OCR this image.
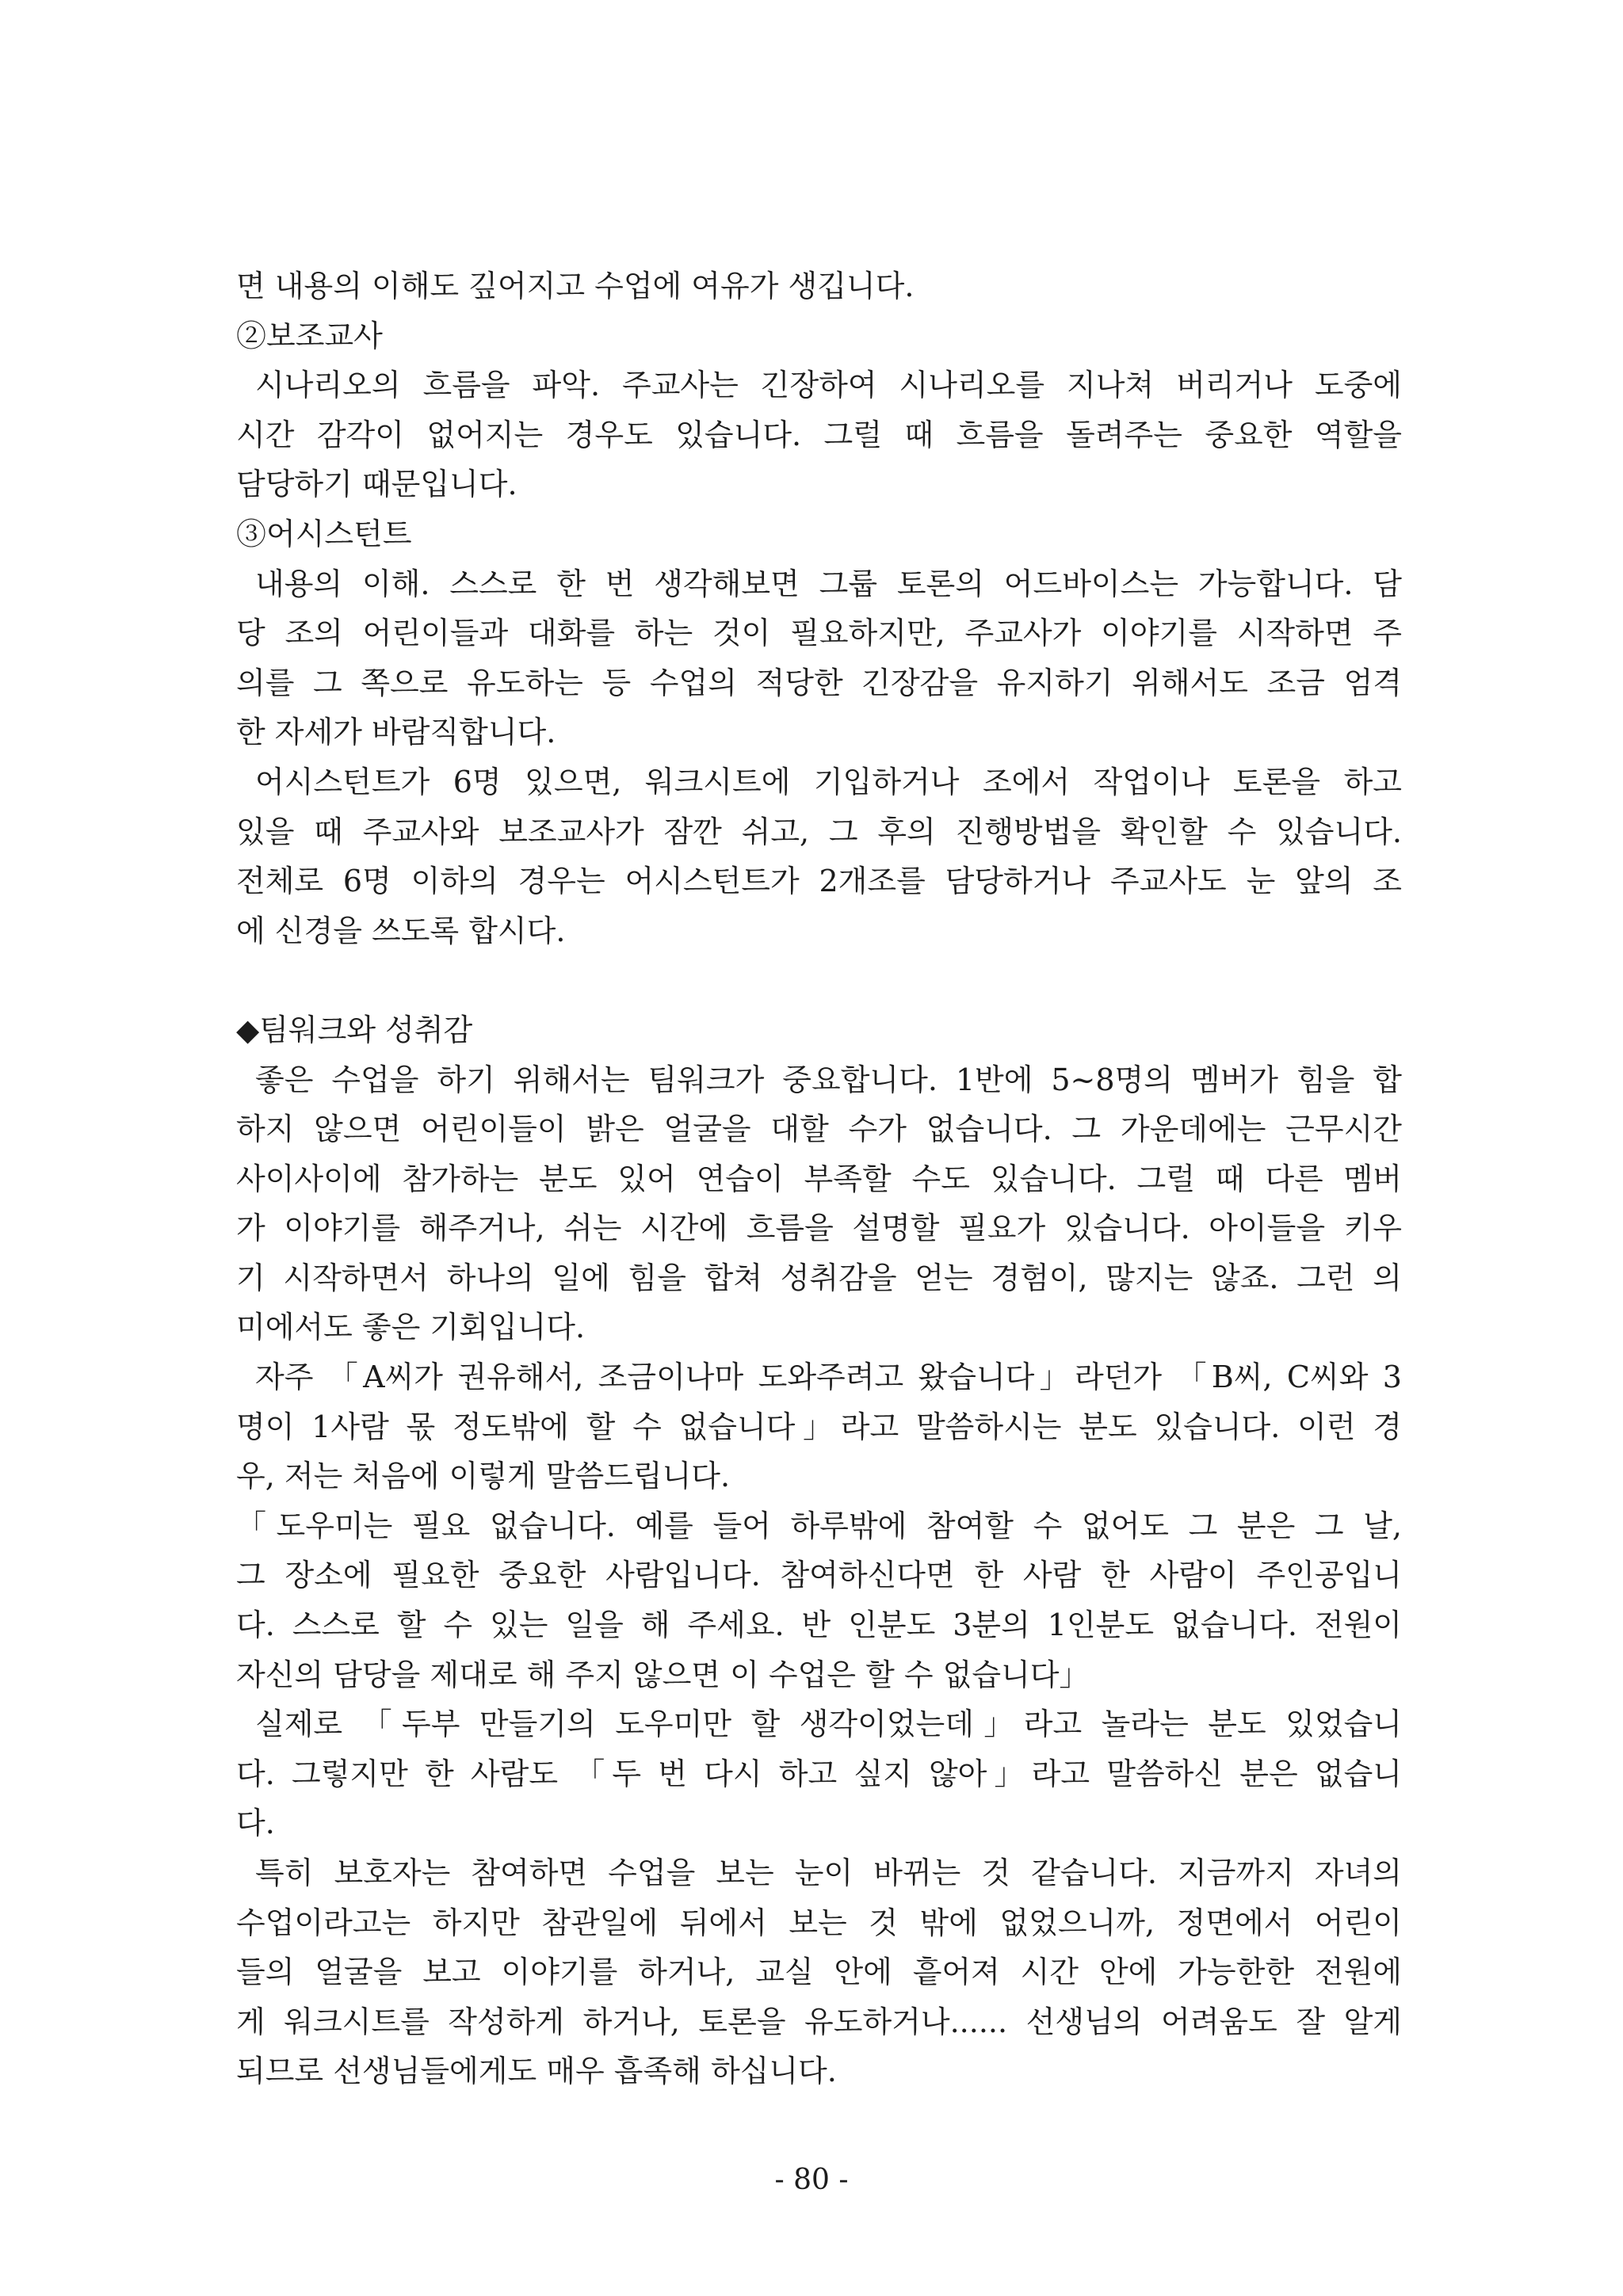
면 내용의 이해도 깊어지고 수업에 여유가 생깁니다.
②보조교사
시나리오의 흐름을 파악. 주교사는 긴장하여 시나리오를 지나쳐 버리거나 도중에
시간 감각이 없어지는 경우도 있습니다. 그럴 때 흐름을 돌려주는 중요한 역할을
담당하기 때문입니다.
③어시스턴트
내용의 이해. 스스로 한 번 생각해보면 그룹 토론의 어드바이스는 가능합니다. 담
당 조의 어린이들과 대화를 하는 것이 필요하지만, 주교사가 이야기를 시작하면 주
의를 그 쪽으로 유도하는 등 수업의 적당한 긴장감을 유지하기 위해서도 조금 엄격
한 자세가 바람직합니다.
어시스턴트가 6명 있으면, 워크시트에 기입하거나 조에서 작업이나 토론을 하고
있을 때 주교사와 보조교사가 잠깐 쉬고, 그 후의 진행방법을 확인할 수 있습니다.
전체로 6명 이하의 경우는 어시스턴트가 2개조를 담당하거나 주교사도 눈 앞의 조
에 신경을 쓰도록 합시다.
◆팀워크와 성취감
좋은 수업을 하기 위해서는 팀워크가 중요합니다. 1반에 5~8명의 멤버가 힘을 합
하지 않으면 어린이들이 밝은 얼굴을 대할 수가 없습니다. 그 가운데에는 근무시간
사이사이에 참가하는 분도 있어 연습이 부족할 수도 있습니다. 그럴 때 다른 멤버
가 이야기를 해주거나, 쉬는 시간에 흐름을 설명할 필요가 있습니다. 아이들을 키우
기 시작하면서 하나의 일에 힘을 합쳐 성취감을 얻는 경험이, 많지는 않죠. 그런 의
미에서도 좋은 기회입니다.
자주 「A씨가 권유해서, 조금이나마 도와주려고 왔습니다」라던가 「B씨, C씨와 3
명이 1사람 몫 정도밖에 할 수 없습니다」라고 말씀하시는 분도 있습니다. 이런 경
우, 저는 처음에 이렇게 말씀드립니다.
「도우미는 필요 없습니다. 예를 들어 하루밖에 참여할 수 없어도 그 분은 그 날,
그 장소에 필요한 중요한 사람입니다. 참여하신다면 한 사람 한 사람이 주인공입니
다. 스스로 할 수 있는 일을 해 주세요. 반 인분도 3분의 1인분도 없습니다. 전원이
자신의 담당을 제대로 해 주지 않으면 이 수업은 할 수 없습니다」
실제로 「두부 만들기의 도우미만 할 생각이었는데」라고 놀라는 분도 있었습니
다. 그렇지만 한 사람도 「두 번 다시 하고 싶지 않아」라고 말씀하신 분은 없습니
다.
특히 보호자는 참여하면 수업을 보는 눈이 바뀌는 것 같습니다. 지금까지 자녀의
수업이라고는 하지만 참관일에 뒤에서 보는 것 밖에 없었으니까, 정면에서 어린이
들의 얼굴을 보고 이야기를 하거나, 교실 안에 흩어져 시간 안에 가능한한 전원에
게 워크시트를 작성하게 하거나, 토론을 유도하거나...... 선생님의 어려움도 잘 알게
되므로 선생님들에게도 매우 흡족해 하십니다.
- 80 -
